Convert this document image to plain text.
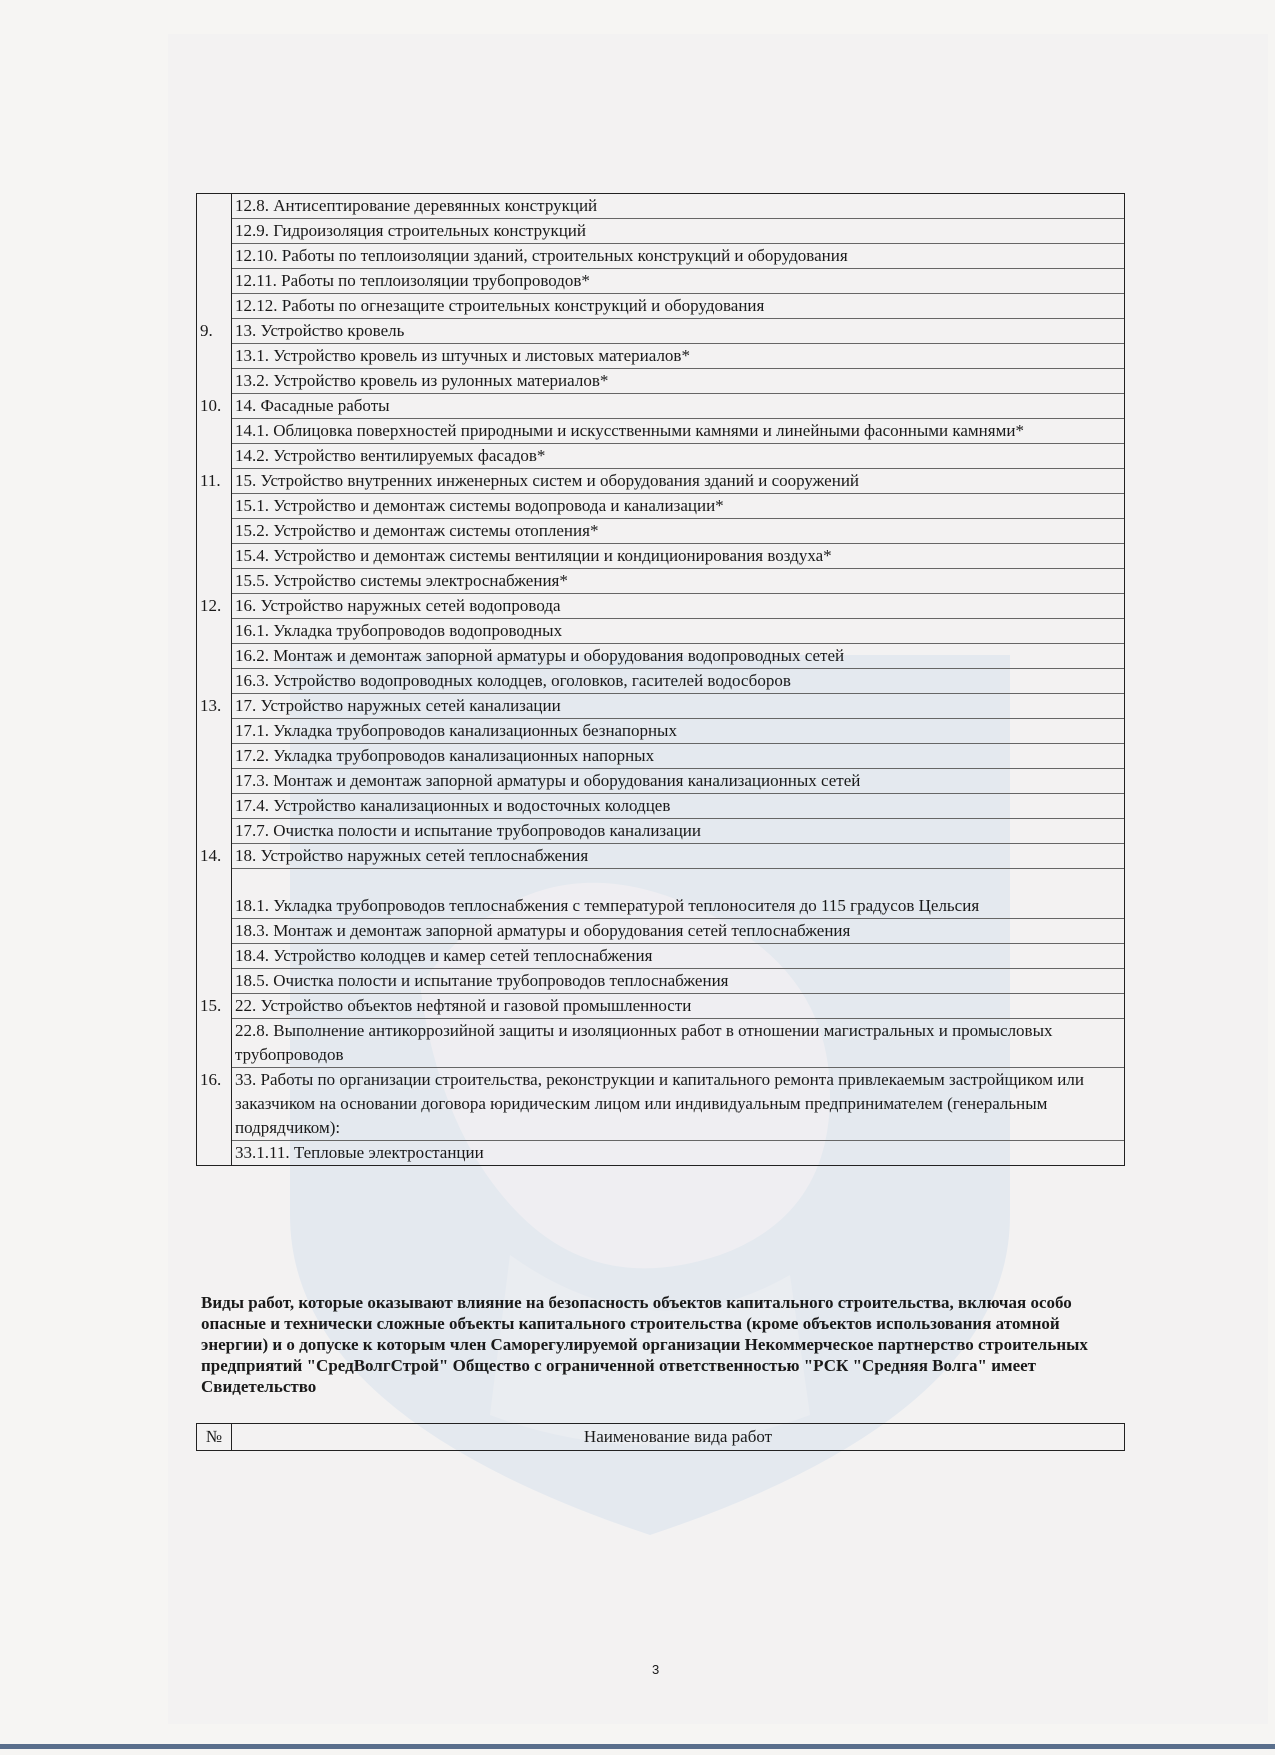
12.8. Антисептирование деревянных конструкций
12.9. Гидроизоляция строительных конструкций
12.10. Работы по теплоизоляции зданий, строительных конструкций и оборудования
12.11. Работы по теплоизоляции трубопроводов*
12.12. Работы по огнезащите строительных конструкций и оборудования
9.	13. Устройство кровель
13.1. Устройство кровель из штучных и листовых материалов*
13.2. Устройство кровель из рулонных материалов*
10. 14. Фасадные работы
14.1. Облицовка поверхностей природными и искусственными камнями и линейными фасонными камнями*
14.2. Устройство вентилируемых фасадов*
11. 15. Устройство внутренних инженерных систем и оборудования зданий и сооружений
15.1. Устройство и демонтаж системы водопровода и канализации*
15.2. Устройство и демонтаж системы отопления*
15.4. Устройство и демонтаж системы вентиляции и кондиционирования воздуха*
15.5. Устройство системы электроснабжения*
12. 16. Устройство наружных сетей водопровода
16.1. Укладка трубопроводов водопроводных
16.2. Монтаж и демонтаж запорной арматуры и оборудования водопроводных сетей
16.3. Устройство водопроводных колодцев, оголовков, гасителей водосборов
13. 17. Устройство наружных сетей канализации
17.1. Укладка трубопроводов канализационных безнапорных
17.2. Укладка трубопроводов канализационных напорных
17.3. Монтаж и демонтаж запорной арматуры и оборудования канализационных сетей
17.4. Устройство канализационных и водосточных колодцев
17.7. Очистка полости и испытание трубопроводов канализации
14. 18. Устройство наружных сетей теплоснабжения
18.1. Укладка трубопроводов теплоснабжения с температурой теплоносителя до 115 градусов Цельсия
18.3. Монтаж и демонтаж запорной арматуры и оборудования сетей теплоснабжения
18.4. Устройство колодцев и камер сетей теплоснабжения
18.5. Очистка полости и испытание трубопроводов теплоснабжения
15. 22. Устройство объектов нефтяной и газовой промышленности
22.8. Выполнение антикоррозийной защиты и изоляционных работ в отношении магистральных и промысловых трубопроводов
16. 33. Работы по организации строительства, реконструкции и капитального ремонта привлекаемым застройщиком или заказчиком на основании договора юридическим лицом или индивидуальным предпринимателем (генеральным подрядчиком):
33.1.11. Тепловые электростанции
Виды работ, которые оказывают влияние на безопасность объектов капитального строительства, включая особо опасные и технически сложные объекты капитального строительства (кроме объектов использования атомной энергии) и о допуске к которым член Саморегулируемой организации Некоммерческое партнерство строительных предприятий "СредВолгСтрой" Общество с ограниченной ответственностью "РСК "Средняя Волга" имеет Свидетельство
№	Наименование вида работ
3
